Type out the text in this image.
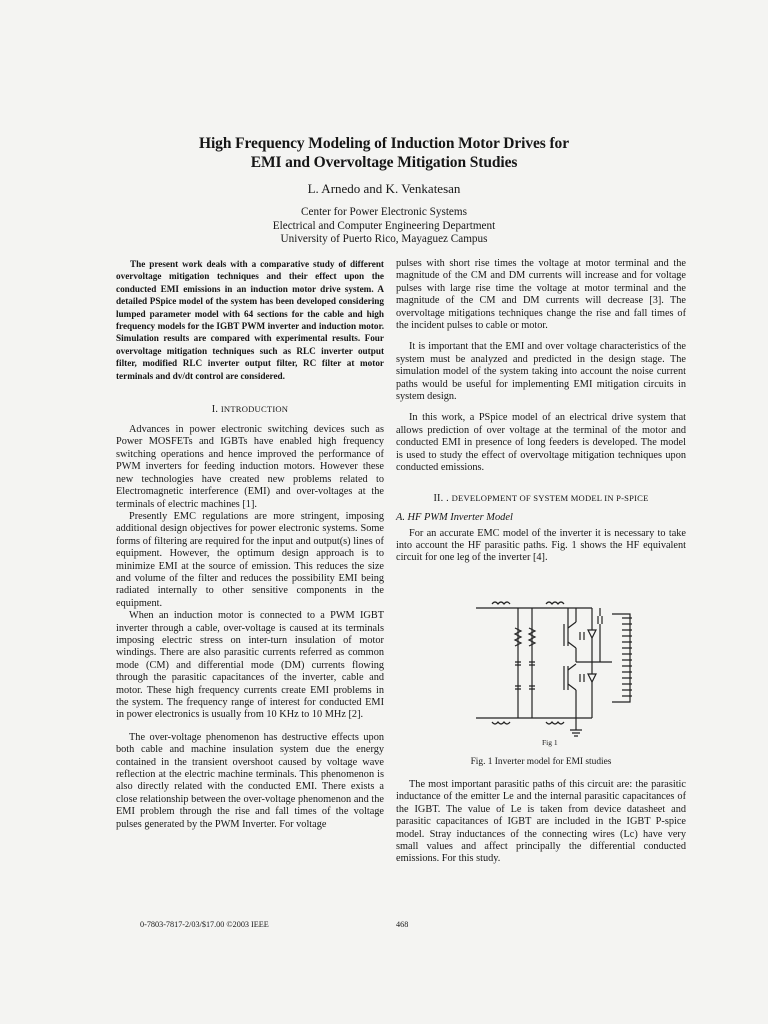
High Frequency Modeling of Induction Motor Drives for
EMI and Overvoltage Mitigation Studies
L. Arnedo and K. Venkatesan
Center for Power Electronic Systems
Electrical and Computer Engineering Department
University of Puerto Rico, Mayaguez Campus
The present work deals with a comparative study of different overvoltage mitigation techniques and their effect upon the conducted EMI emissions in an induction motor drive system. A detailed PSpice model of the system has been developed considering lumped parameter model with 64 sections for the cable and high frequency models for the IGBT PWM inverter and induction motor. Simulation results are compared with experimental results. Four overvoltage mitigation techniques such as RLC inverter output filter, modified RLC inverter output filter, RC filter at motor terminals and dv/dt control are considered.
I. INTRODUCTION

Advances in power electronic switching devices such as Power MOSFETs and IGBTs have enabled high frequency switching operations and hence improved the performance of PWM inverters for feeding induction motors. However these new technologies have created new problems related to Electromagnetic interference (EMI) and over-voltages at the terminals of electric machines [1].

Presently EMC regulations are more stringent, imposing additional design objectives for power electronic systems. Some forms of filtering are required for the input and output(s) lines of equipment. However, the optimum design approach is to minimize EMI at the source of emission. This reduces the size and volume of the filter and reduces the possibility EMI being radiated internally to other sensitive components in the equipment.

When an induction motor is connected to a PWM IGBT inverter through a cable, over-voltage is caused at its terminals imposing electric stress on inter-turn insulation of motor windings. There are also parasitic currents referred as common mode (CM) and differential mode (DM) currents flowing through the parasitic capacitances of the inverter, cable and motor. These high frequency currents create EMI problems in the system. The frequency range of interest for conducted EMI in power electronics is usually from 10 KHz to 10 MHz [2].

The over-voltage phenomenon has destructive effects upon both cable and machine insulation system due the energy contained in the transient overshoot caused by voltage wave reflection at the electric machine terminals. This phenomenon is also directly related with the conducted EMI. There exists a close relationship between the over-voltage phenomenon and the EMI problem through the rise and fall times of the voltage pulses generated by the PWM Inverter. For voltage

pulses with short rise times the voltage at motor terminal and the magnitude of the CM and DM currents will increase and for voltage pulses with large rise time the voltage at motor terminal and the magnitude of the CM and DM currents will decrease [3]. The overvoltage mitigations techniques change the rise and fall times of the incident pulses to cable or motor.

It is important that the EMI and over voltage characteristics of the system must be analyzed and predicted in the design stage. The simulation model of the system taking into account the noise current paths would be useful for implementing EMI mitigation circuits in system design.

In this work, a PSpice model of an electrical drive system that allows prediction of over voltage at the terminal of the motor and conducted EMI in presence of long feeders is developed. The model is used to study the effect of overvoltage mitigation techniques upon conducted emissions.

II. . DEVELOPMENT OF SYSTEM MODEL IN P-SPICE
A. HF PWM Inverter Model

For an accurate EMC model of the inverter it is necessary to take into account the HF parasitic paths. Fig. 1 shows the HF equivalent circuit for one leg of the inverter [4].

Fig 1
Fig. 1 Inverter model for EMI studies

The most important parasitic paths of this circuit are: the parasitic inductance of the emitter Le and the internal parasitic capacitances of the IGBT. The value of Le is taken from device datasheet and parasitic capacitances of IGBT are included in the IGBT P-spice model. Stray inductances of the connecting wires (Lc) have very small values and affect principally the differential conducted emissions. For this study.

0-7803-7817-2/03/$17.00 ©2003 IEEE	468
